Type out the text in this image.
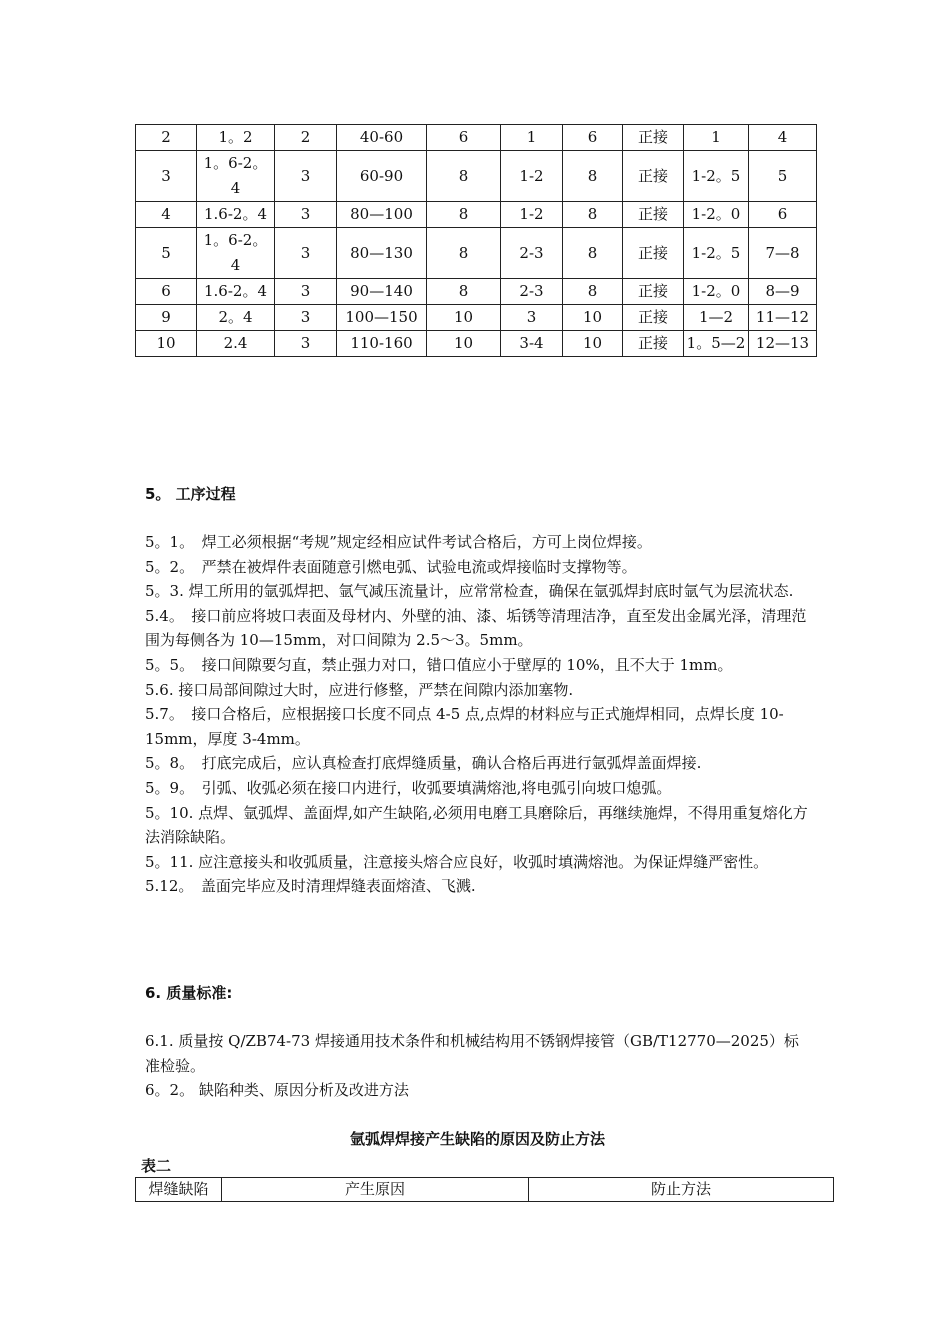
2	1。2	2	40-60	6	1	6	正接	1	4
3	1。6-2。4	3	60-90	8	1-2	8	正接	1-2。5	5
4	1.6-2。4	3	80—100	8	1-2	8	正接	1-2。0	6
5	1。6-2。4	3	80—130	8	2-3	8	正接	1-2。5	7—8
6	1.6-2。4	3	90—140	8	2-3	8	正接	1-2。0	8—9
9	2。4	3	100—150	10	3	10	正接	1—2	11—12
10	2.4	3	110-160	10	3-4	10	正接	1。5—2	12—13
5。 工序过程

5。1。　焊工必须根据“考规”规定经相应试件考试合格后，方可上岗位焊接。

5。2。　严禁在被焊件表面随意引燃电弧、试验电流或焊接临时支撑物等。

5。3. 焊工所用的氩弧焊把、氩气减压流量计，应常常检查，确保在氩弧焊封底时氩气为层流状态.

5.4。　接口前应将坡口表面及母材内、外壁的油、漆、垢锈等清理洁净，直至发出金属光泽，清理范围为每侧各为 10—15mm，对口间隙为 2.5～3。5mm。

5。5。　接口间隙要匀直，禁止强力对口，错口值应小于壁厚的 10%，且不大于 1mm。

5.6. 接口局部间隙过大时，应进行修整，严禁在间隙内添加塞物.

5.7。　接口合格后，应根据接口长度不同点 4-5 点,点焊的材料应与正式施焊相同，点焊长度 10-15mm，厚度 3-4mm。

5。8。　打底完成后，应认真检查打底焊缝质量，确认合格后再进行氩弧焊盖面焊接.

5。9。　引弧、收弧必须在接口内进行，收弧要填满熔池,将电弧引向坡口熄弧。

5。10. 点焊、氩弧焊、盖面焊,如产生缺陷,必须用电磨工具磨除后，再继续施焊，不得用重复熔化方法消除缺陷。

5。11. 应注意接头和收弧质量，注意接头熔合应良好，收弧时填满熔池。为保证焊缝严密性。

5.12。　盖面完毕应及时清理焊缝表面熔渣、飞溅.

6. 质量标准:

6.1. 质量按 Q/ZB74-73 焊接通用技术条件和机械结构用不锈钢焊接管（GB/T12770—2025）标准检验。

6。2。 缺陷种类、原因分析及改进方法

氩弧焊焊接产生缺陷的原因及防止方法
表二
焊缝缺陷	产生原因	防止方法
